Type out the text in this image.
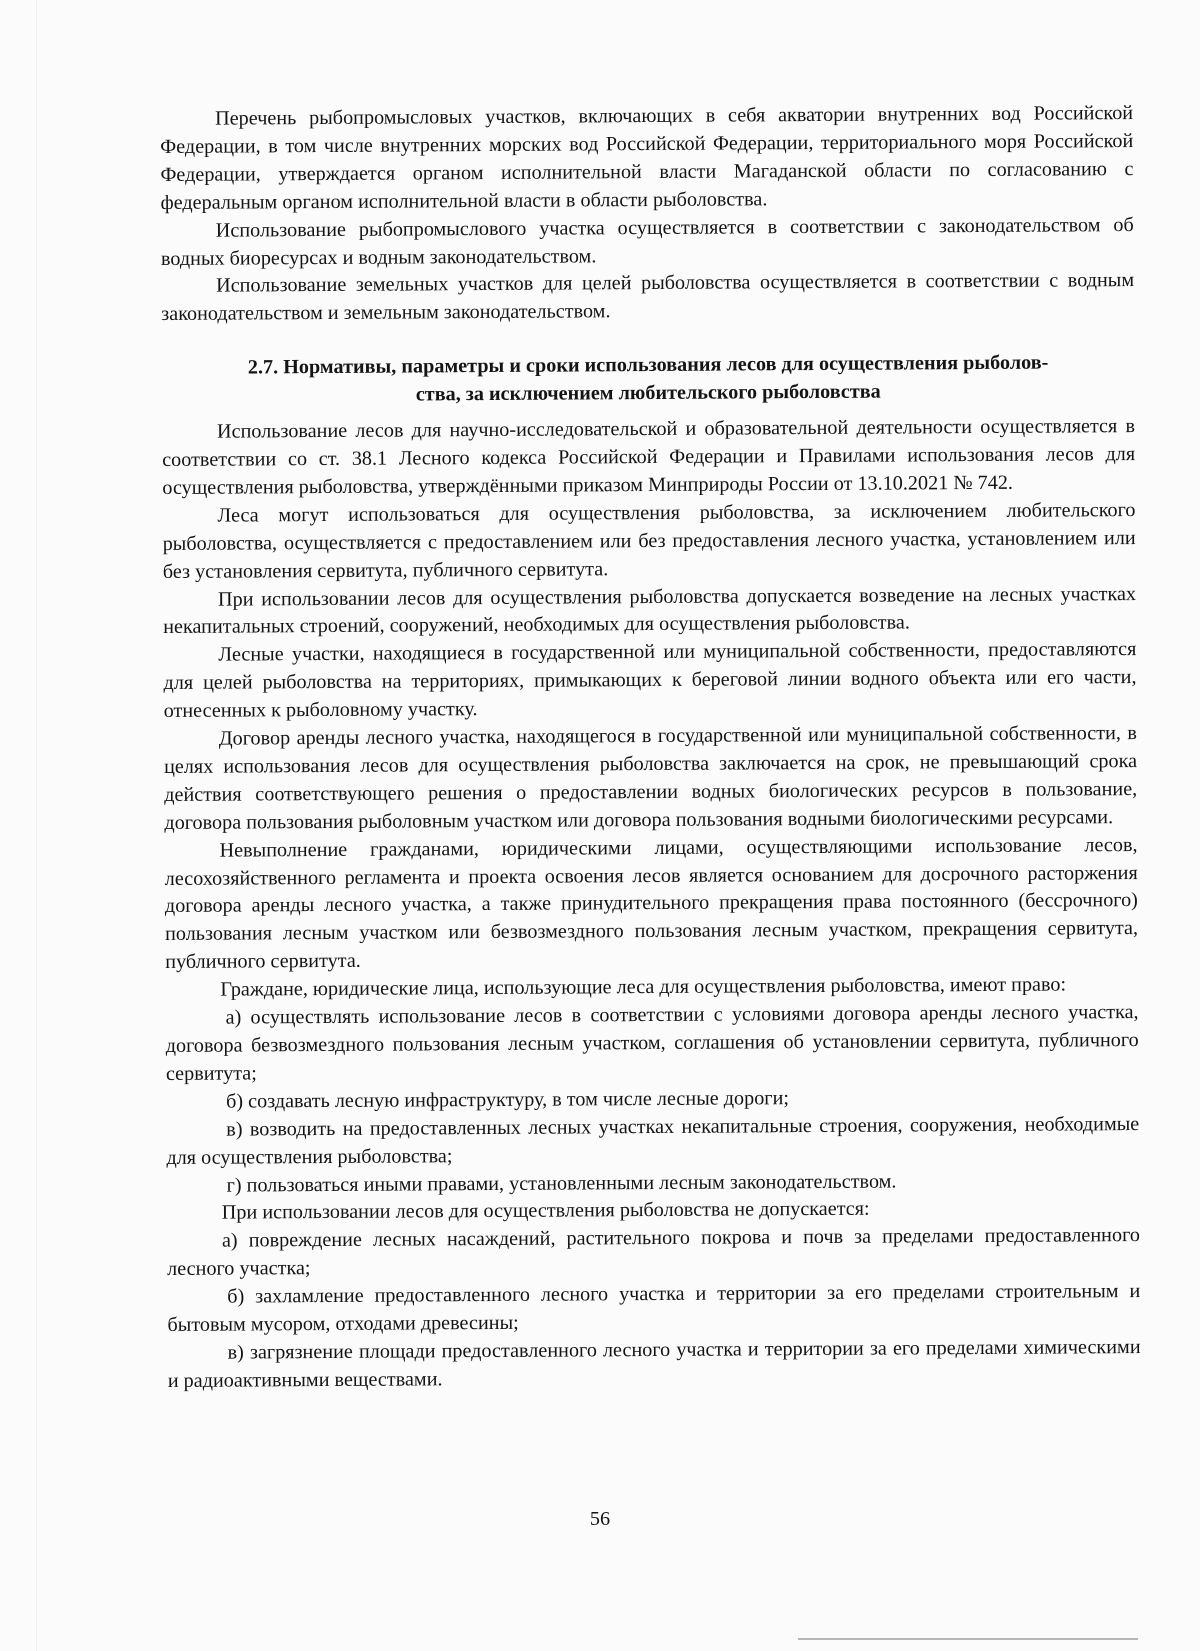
Перечень рыбопромысловых участков, включающих в себя акватории внутренних вод Российской Федерации, в том числе внутренних морских вод Российской Федерации, территориального моря Российской Федерации, утверждается органом исполнительной власти Магаданской области по согласованию с федеральным органом исполнительной власти в области рыболовства.

Использование рыбопромыслового участка осуществляется в соответствии с законодательством об водных биоресурсах и водным законодательством.

Использование земельных участков для целей рыболовства осуществляется в соответствии с водным законодательством и земельным законодательством.

2.7. Нормативы, параметры и сроки использования лесов для осуществления рыболов-
ства, за исключением любительского рыболовства

Использование лесов для научно-исследовательской и образовательной деятельности осуществляется в соответствии со ст. 38.1 Лесного кодекса Российской Федерации и Правилами использования лесов для осуществления рыболовства, утверждёнными приказом Минприроды России от 13.10.2021 № 742.

Леса могут использоваться для осуществления рыболовства, за исключением любительского рыболовства, осуществляется с предоставлением или без предоставления лесного участка, установлением или без установления сервитута, публичного сервитута.

При использовании лесов для осуществления рыболовства допускается возведение на лесных участках некапитальных строений, сооружений, необходимых для осуществления рыболовства.

Лесные участки, находящиеся в государственной или муниципальной собственности, предоставляются для целей рыболовства на территориях, примыкающих к береговой линии водного объекта или его части, отнесенных к рыболовному участку.

Договор аренды лесного участка, находящегося в государственной или муниципальной собственности, в целях использования лесов для осуществления рыболовства заключается на срок, не превышающий срока действия соответствующего решения о предоставлении водных биологических ресурсов в пользование, договора пользования рыболовным участком или договора пользования водными биологическими ресурсами.

Невыполнение гражданами, юридическими лицами, осуществляющими использование лесов, лесохозяйственного регламента и проекта освоения лесов является основанием для досрочного расторжения договора аренды лесного участка, а также принудительного прекращения права постоянного (бессрочного) пользования лесным участком или безвозмездного пользования лесным участком, прекращения сервитута, публичного сервитута.

Граждане, юридические лица, использующие леса для осуществления рыболовства, имеют право:

а) осуществлять использование лесов в соответствии с условиями договора аренды лесного участка, договора безвозмездного пользования лесным участком, соглашения об установлении сервитута, публичного сервитута;

б) создавать лесную инфраструктуру, в том числе лесные дороги;

в) возводить на предоставленных лесных участках некапитальные строения, сооружения, необходимые для осуществления рыболовства;

г) пользоваться иными правами, установленными лесным законодательством.

При использовании лесов для осуществления рыболовства не допускается:

а) повреждение лесных насаждений, растительного покрова и почв за пределами предоставленного лесного участка;

б) захламление предоставленного лесного участка и территории за его пределами строительным и бытовым мусором, отходами древесины;

в) загрязнение площади предоставленного лесного участка и территории за его пределами химическими и радиоактивными веществами.

56
